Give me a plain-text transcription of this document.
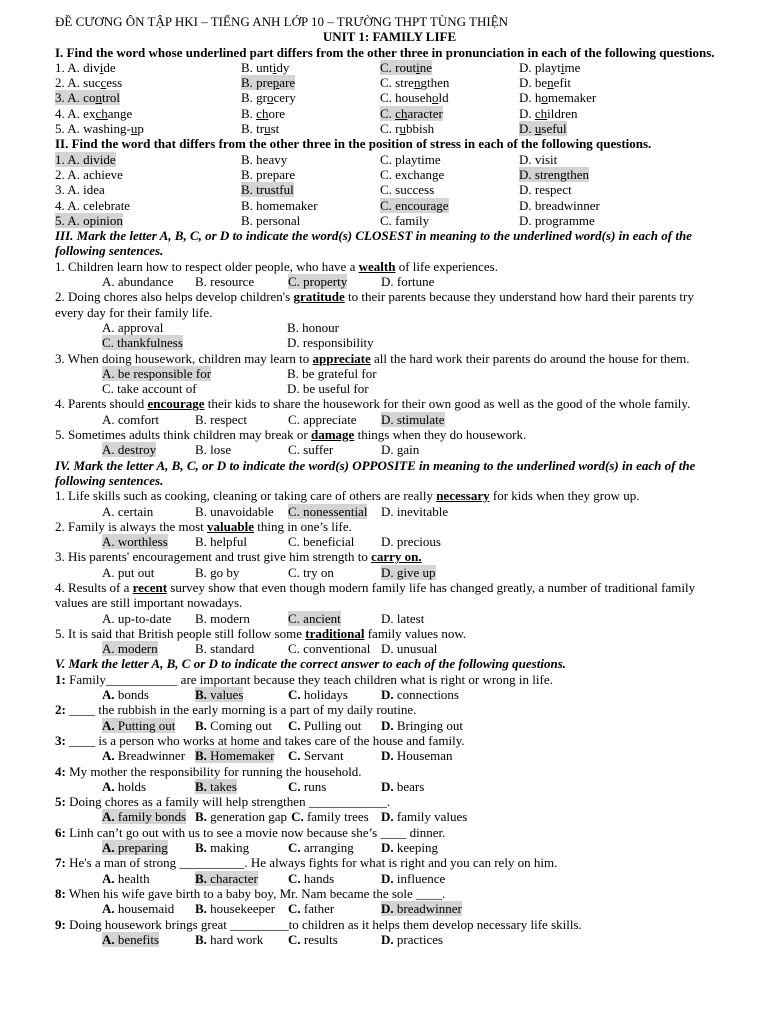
ĐỀ CƯƠNG ÔN TẬP HKI – TIẾNG ANH LỚP 10 – TRƯỜNG THPT TÙNG THIỆN
UNIT 1: FAMILY LIFE
I. Find the word whose underlined part differs from the other three in pronunciation in each of the following questions.
1. A. divide	B. untidy	C. routine	D. playtime
2. A. success	B. prepare	C. strengthen	D. benefit
3. A. control	B. grocery	C. household	D. homemaker
4. A. exchange	B. chore	C. character	D. children
5. A. washing-up	B. trust	C. rubbish	D. useful
II. Find the word that differs from the other three in the position of stress in each of the following questions.
1. A. divide	B. heavy	C. playtime	D. visit
2. A. achieve	B. prepare	C. exchange	D. strengthen
3. A. idea	B. trustful	C. success	D. respect
4. A. celebrate	B. homemaker	C. encourage	D. breadwinner
5. A. opinion	B. personal	C. family	D. programme
III. Mark the letter A, B, C, or D to indicate the word(s) CLOSEST in meaning to the underlined word(s) in each of the following sentences.
1. Children learn how to respect older people, who have a wealth of life experiences.
A. abundance B. resource	C. property	D. fortune
2. Doing chores also helps develop children's gratitude to their parents because they understand how hard their parents try every day for their family life.
A. approval	B. honour
C. thankfulness	D. responsibility
3. When doing housework, children may learn to appreciate all the hard work their parents do around the house for them.
A. be responsible for	B. be grateful for
C. take account of	D. be useful for
4. Parents should encourage their kids to share the housework for their own good as well as the good of the whole family.
A. comfort	B. respect	C. appreciate D. stimulate
5. Sometimes adults think children may break or damage things when they do housework.
A. destroy	B. lose	C. suffer	D. gain
IV. Mark the letter A, B, C, or D to indicate the word(s) OPPOSITE in meaning to the underlined word(s) in each of the following sentences.
1. Life skills such as cooking, cleaning or taking care of others are really necessary for kids when they grow up.
A. certain	B. unavoidable C. nonessential D. inevitable
2. Family is always the most valuable thing in one’s life.
A. worthless B. helpful	C. beneficial D. precious
3. His parents' encouragement and trust give him strength to carry on.
A. put out	B. go by	C. try on	D. give up
4. Results of a recent survey show that even though modern family life has changed greatly, a number of traditional family values are still important nowadays.
A. up-to-date B. modern	C. ancient	D. latest
5. It is said that British people still follow some traditional family values now.
A. modern	B. standard	C. conventional D. unusual
V. Mark the letter A, B, C or D to indicate the correct answer to each of the following questions.
1: Family___________ are important because they teach children what is right or wrong in life.
A. bonds	B. values	C. holidays	D. connections
2: ____ the rubbish in the early morning is a part of my daily routine.
A. Putting out B. Coming out C. Pulling out D. Bringing out
3: ____ is a person who works at home and takes care of the house and family.
A. Breadwinner B. Homemaker C. Servant	D. Houseman
4: My mother the responsibility for running the household.
A. holds	B. takes	C. runs	D. bears
5: Doing chores as a family will help strengthen ____________.
A. family bonds B. generation gap C. family trees D. family values
6: Linh can’t go out with us to see a movie now because she’s ____ dinner.
A. preparing B. making	C. arranging D. keeping
7: He's a man of strong __________. He always fights for what is right and you can rely on him.
A. health	B. character C. hands	D. influence
8: When his wife gave birth to a baby boy, Mr. Nam became the sole ____.
A. housemaid B. housekeeper C. father	D. breadwinner
9: Doing housework brings great _________to children as it helps them develop necessary life skills.
A. benefits	B. hard work C. results	D. practices
